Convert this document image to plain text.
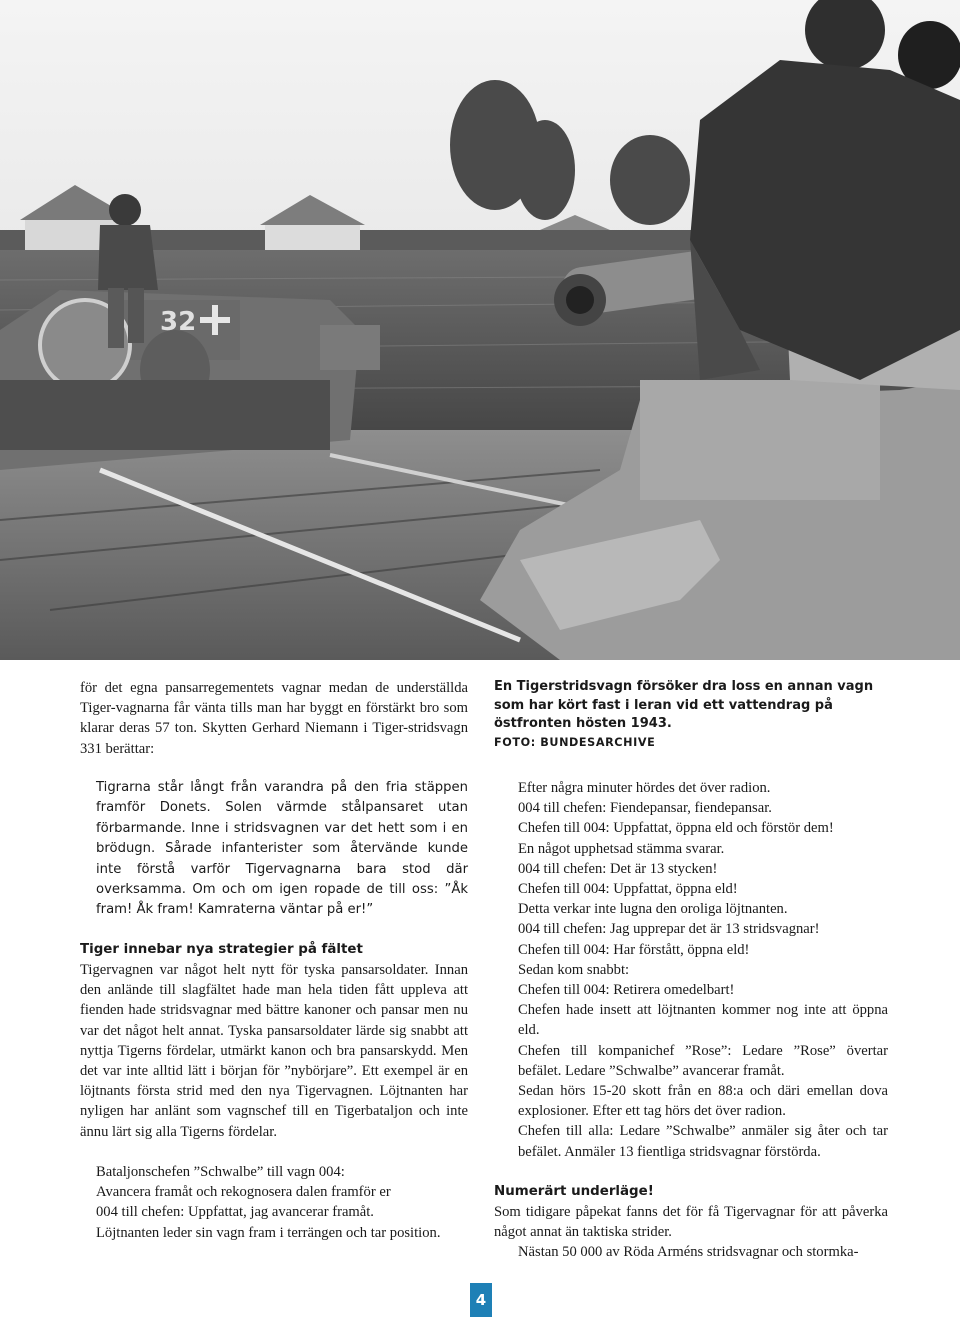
32

för det egna pansarregementets vagnar medan de underställda Tiger-vagnarna får vänta tills man har byggt en förstärkt bro som klarar deras 57 ton. Skytten Gerhard Niemann i Tiger-stridsvagn 331 berättar:

En Tigerstridsvagn försöker dra loss en annan vagn som har kört fast i leran vid ett vattendrag på östfronten hösten 1943.

FOTO: BUNDESARCHIVE

Tigrarna står långt från varandra på den fria stäppen framför Donets. Solen värmde stålpansaret utan förbarmande. Inne i stridsvagnen var det hett som i en brödugn. Sårade infanterister som återvände kunde inte förstå varför Tigervagnarna bara stod där overksamma. Om och om igen ropade de till oss: ”Åk fram! Åk fram! Kamraterna väntar på er!”

Tiger innebar nya strategier på fältet

Tigervagnen var något helt nytt för tyska pansarsoldater. Innan den anlände till slagfältet hade man hela tiden fått uppleva att fienden hade stridsvagnar med bättre kanoner och pansar men nu var det något helt annat. Tyska pansarsoldater lärde sig snabbt att nyttja Tigerns fördelar, utmärkt kanon och bra pansarskydd. Men det var inte alltid lätt i början för ”nybörjare”. Ett exempel är en löjtnants första strid med den nya Tigervagnen. Löjtnanten har nyligen har anlänt som vagnschef till en Tigerbataljon och inte ännu lärt sig alla Tigerns fördelar.

Bataljonschefen ”Schwalbe” till vagn 004:

Avancera framåt och rekognosera dalen framför er

004 till chefen: Uppfattat, jag avancerar framåt.

Löjtnanten leder sin vagn fram i terrängen och tar position.

Efter några minuter hördes det över radion.

004 till chefen: Fiendepansar, fiendepansar.

Chefen till 004: Uppfattat, öppna eld och förstör dem!

En något upphetsad stämma svarar.

004 till chefen: Det är 13 stycken!

Chefen till 004: Uppfattat, öppna eld!

Detta verkar inte lugna den oroliga löjtnanten.

004 till chefen: Jag upprepar det är 13 stridsvagnar!

Chefen till 004: Har förstått, öppna eld!

Sedan kom snabbt:

Chefen till 004: Retirera omedelbart!

Chefen hade insett att löjtnanten kommer nog inte att öppna eld.

Chefen till kompanichef ”Rose”: Ledare ”Rose” övertar befälet. Ledare ”Schwalbe” avancerar framåt.

Sedan hörs 15-20 skott från en 88:a och däri emellan dova explosioner. Efter ett tag hörs det över radion.

Chefen till alla: Ledare ”Schwalbe” anmäler sig åter och tar befälet. Anmäler 13 fientliga stridsvagnar förstörda.

Numerärt underläge!

Som tidigare påpekat fanns det för få Tigervagnar för att påverka något annat än taktiska strider.

Nästan 50 000 av Röda Arméns stridsvagnar och stormka-

4
